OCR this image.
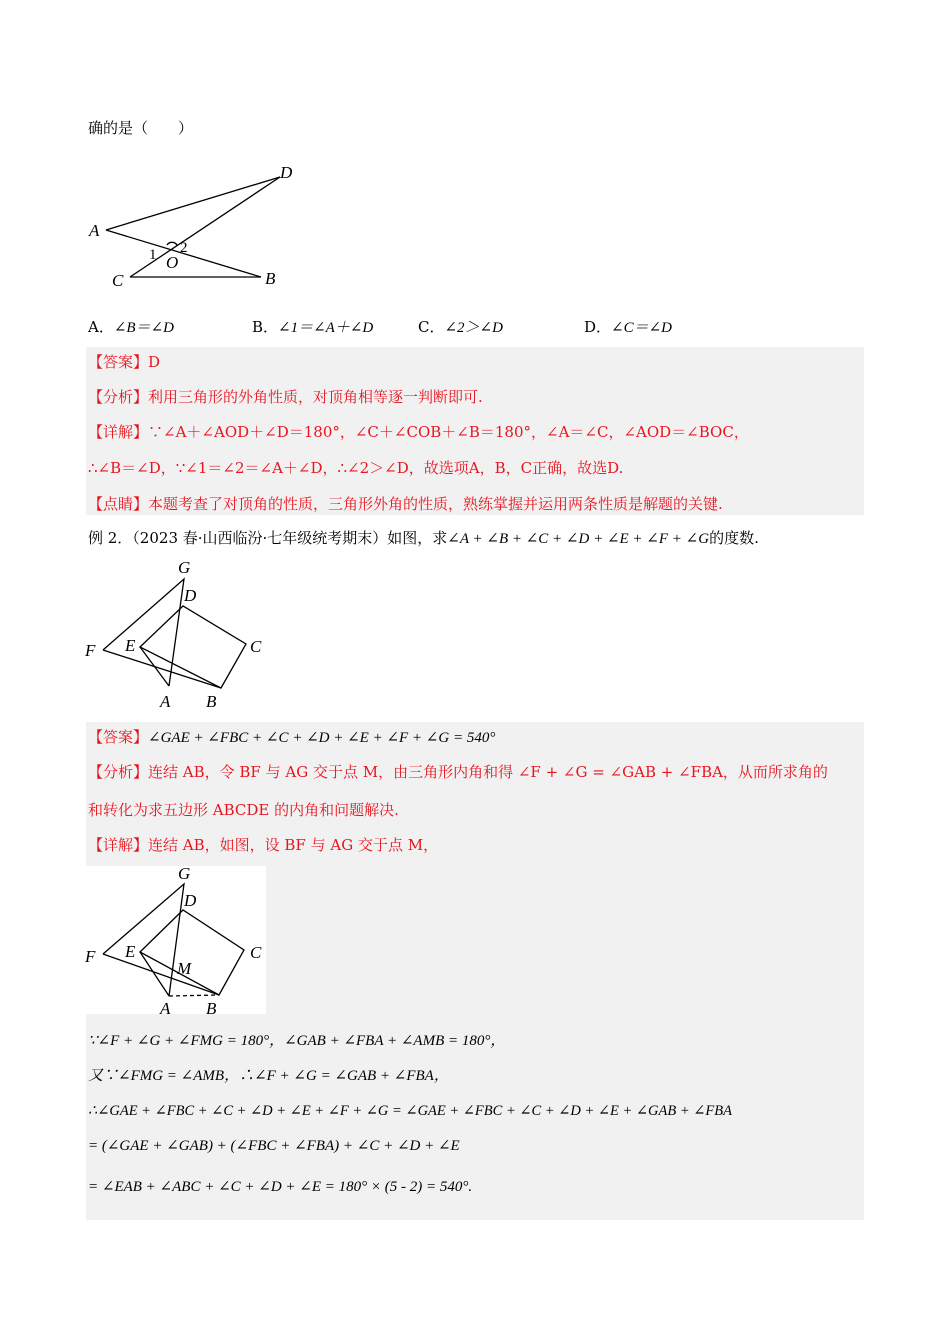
确的是（　　）
D
A
1 2
O
C	B
A．∠B＝∠D	B．∠1＝∠A＋∠D	C．∠2＞∠D	D．∠C＝∠D
【答案】D
【分析】利用三角形的外角性质，对顶角相等逐一判断即可.
【详解】∵∠A＋∠AOD＋∠D＝180°，∠C＋∠COB＋∠B＝180°，∠A＝∠C，∠AOD＝∠BOC，
∴∠B＝∠D，∵∠1＝∠2＝∠A＋∠D，∴∠2＞∠D，故选项A，B，C正确，故选D.
【点睛】本题考查了对顶角的性质，三角形外角的性质，熟练掌握并运用两条性质是解题的关键.
例 2．（2023 春·山西临汾·七年级统考期末）如图，求∠A + ∠B + ∠C + ∠D + ∠E + ∠F + ∠G的度数.
G
D
C
F E
A B
【答案】∠GAE + ∠FBC + ∠C + ∠D + ∠E + ∠F + ∠G = 540°
【分析】连结 AB，令 BF 与 AG 交于点 M，由三角形内角和得 ∠F + ∠G = ∠GAB + ∠FBA，从而所求角的
和转化为求五边形 ABCDE 的内角和问题解决.
【详解】连结 AB，如图，设 BF 与 AG 交于点 M，
G
D
C
F E
M
A B
∵∠F + ∠G + ∠FMG = 180°，∠GAB + ∠FBA + ∠AMB = 180°，
又∵∠FMG = ∠AMB，∴∠F + ∠G = ∠GAB + ∠FBA，
∴∠GAE + ∠FBC + ∠C + ∠D + ∠E + ∠F + ∠G = ∠GAE + ∠FBC + ∠C + ∠D + ∠E + ∠GAB + ∠FBA
= (∠GAE + ∠GAB) + (∠FBC + ∠FBA) + ∠C + ∠D + ∠E
= ∠EAB + ∠ABC + ∠C + ∠D + ∠E = 180° × (5 - 2) = 540°.
